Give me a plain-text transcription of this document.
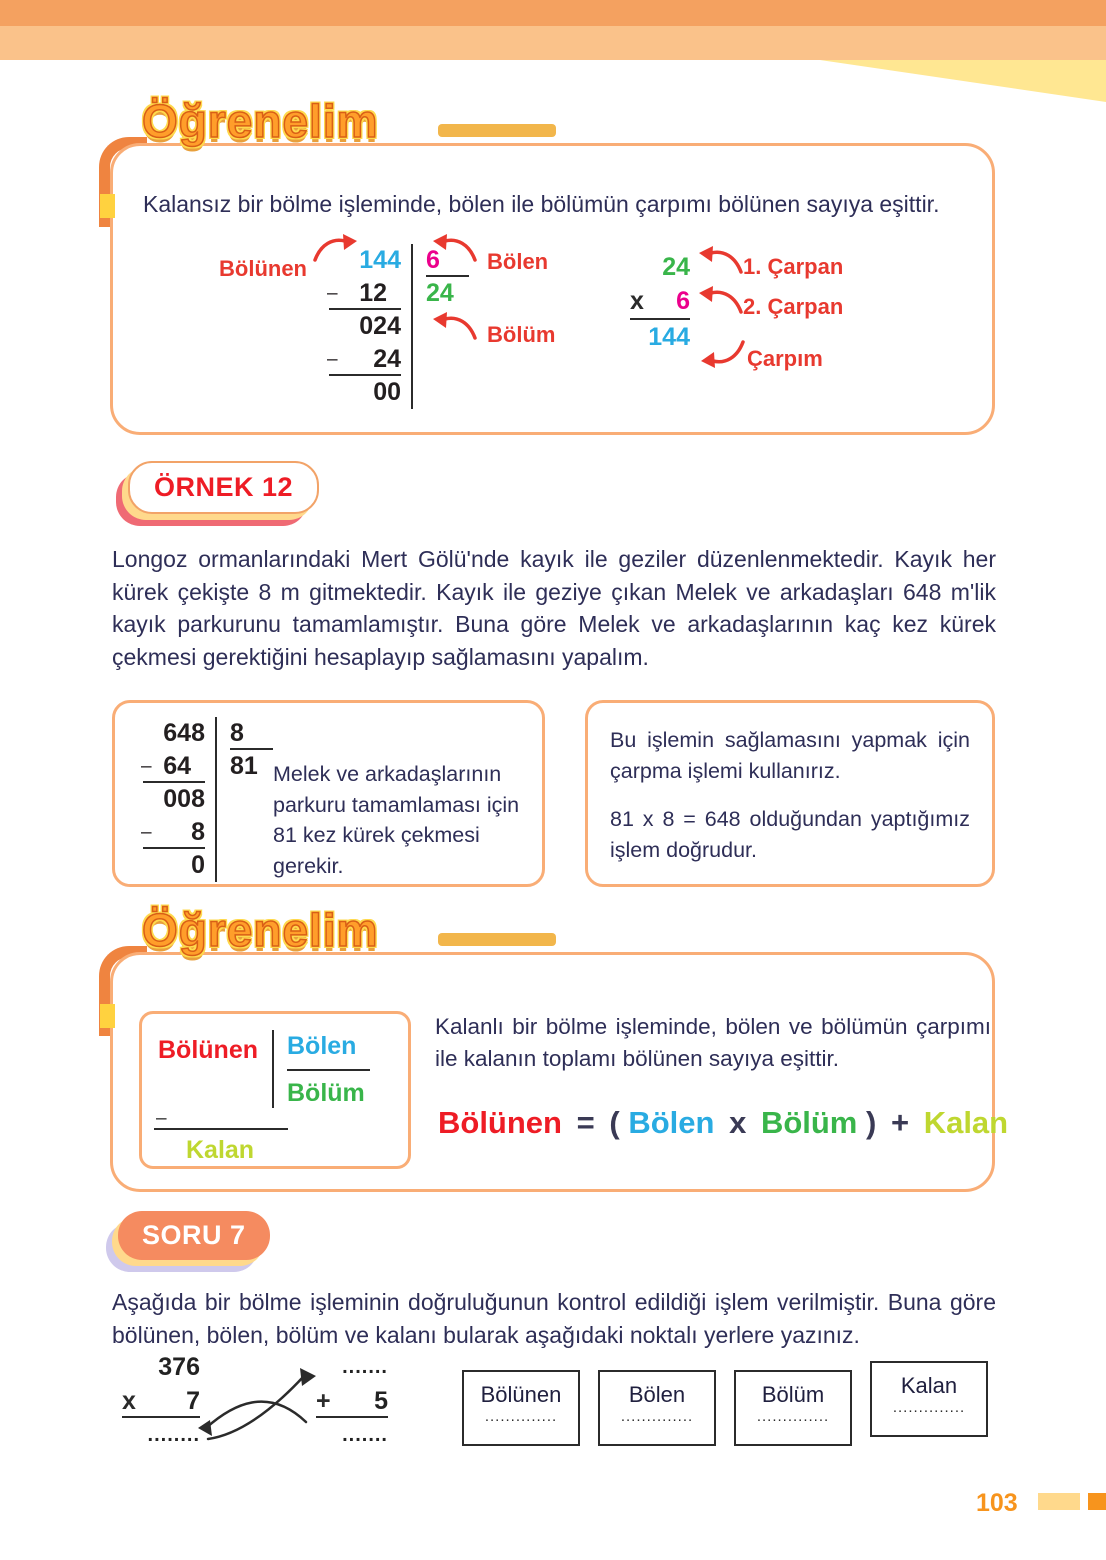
Öğrenelim
Kalansız bir bölme işleminde, bölen ile bölümün çarpımı bölünen sayıya eşittir.
Bölünen	Bölen
Bölüm
144
– 12
024
– 24
00
6
24
24
x 6
144
1. Çarpan
2. Çarpan
Çarpım
ÖRNEK 12
Longoz ormanlarındaki Mert Gölü'nde kayık ile geziler düzenlenmektedir. Kayık her kürek çekişte 8 m gitmektedir. Kayık ile geziye çıkan Melek ve arkadaşları 648 m'lik kayık parkurunu tamamlamıştır. Buna göre Melek ve arkadaşlarının kaç kez kürek çekmesi gerektiğini hesaplayıp sağlamasını yapalım.
648
– 64
008
– 8
0
8
81 Melek ve arkadaşlarının parkuru tamamlaması için 81 kez kürek çekmesi gerekir.
Bu işlemin sağlamasını yapmak için çarpma işlemi kullanırız.
81 x 8 = 648 olduğundan yaptığımız işlem doğrudur.
Öğrenelim
Bölünen	Bölen
Bölüm
–
Kalan
Kalanlı bir bölme işleminde, bölen ve bölümün çarpımı ile kalanın toplamı bölünen sayıya eşittir.
Bölünen = ( Bölen x Bölüm ) + Kalan
SORU 7
Aşağıda bir bölme işleminin doğruluğunun kontrol edildiği işlem verilmiştir. Buna göre bölünen, bölen, bölüm ve kalanı bularak aşağıdaki noktalı yerlere yazınız.
376
x 7
........
.......
+ 5
.......
Bölünen
..............
Bölen
..............
Bölüm
..............
Kalan
..............
103
